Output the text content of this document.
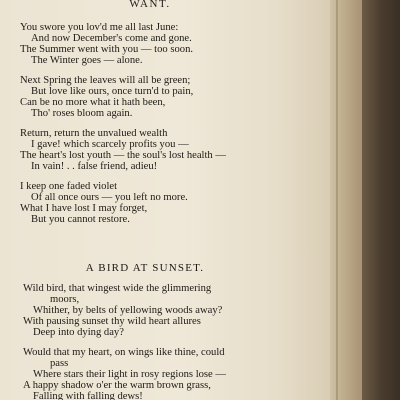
WANT.
You swore you lov'd me all last June:
And now December's come and gone.
The Summer went with you — too soon.
The Winter goes — alone.
Next Spring the leaves will all be green;
But love like ours, once turn'd to pain,
Can be no more what it hath been,
Tho' roses bloom again.
Return, return the unvalued wealth
I gave! which scarcely profits you —
The heart's lost youth — the soul's lost health —
In vain! . . false friend, adieu!
I keep one faded violet
Of all once ours — you left no more.
What I have lost I may forget,
But you cannot restore.
A BIRD AT SUNSET.
Wild bird, that wingest wide the glimmering
moors,
Whither, by belts of yellowing woods away?
With pausing sunset thy wild heart allures
Deep into dying day?
Would that my heart, on wings like thine, could
pass
Where stars their light in rosy regions lose —
A happy shadow o'er the warm brown grass,
Falling with falling dews!
